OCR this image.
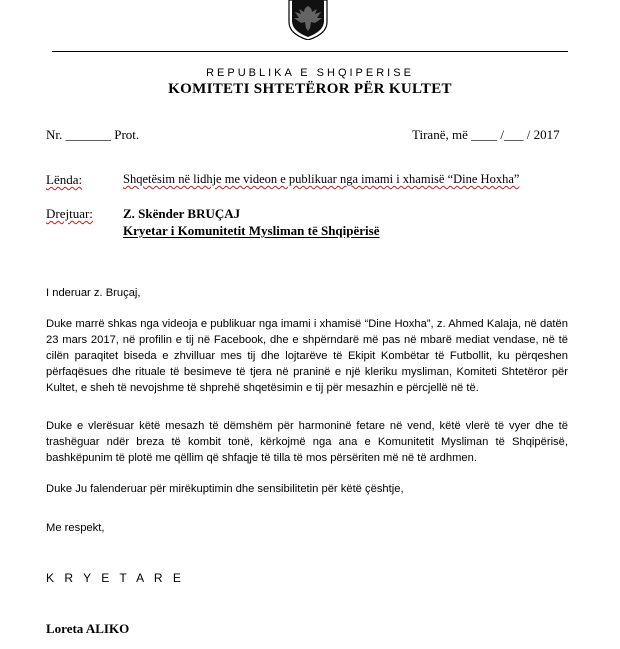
REPUBLIKA E SHQIPERISE
KOMITETI SHTETËROR PËR KULTET
Nr. _______ Prot.	Tiranë, më ____ /___ / 2017
Lënda:	Shqetësim në lidhje me videon e publikuar nga imami i xhamisë “Dine Hoxha”
Drejtuar: Z. Skënder BRUÇAJ
Kryetar i Komunitetit Mysliman të Shqipërisë
I nderuar z. Bruçaj,
Duke marrë shkas nga videoja e publikuar nga imami i xhamisë “Dine Hoxha”, z. Ahmed Kalaja, në datën 23 mars 2017, në profilin e tij në Facebook, dhe e shpërndarë më pas në mbarë mediat vendase, në të cilën paraqitet biseda e zhvilluar mes tij dhe lojtarëve të Ekipit Kombëtar të Futbollit, ku përqeshen përfaqësues dhe rituale të besimeve të tjera në praninë e një kleriku mysliman, Komiteti Shtetëror për Kultet, e sheh të nevojshme të shprehë shqetësimin e tij për mesazhin e përcjellë në të.
Duke e vlerësuar këtë mesazh të dëmshëm për harmoninë fetare në vend, këtë vlerë të vyer dhe të trashëguar ndër breza të kombit tonë, kërkojmë nga ana e Komunitetit Mysliman të Shqipërisë, bashkëpunim të plotë me qëllim që shfaqje të tilla të mos përsëriten më në të ardhmen.
Duke Ju falenderuar për mirëkuptimin dhe sensibilitetin për këtë çështje,
Me respekt,
K R Y E T A R E
Loreta ALIKO
